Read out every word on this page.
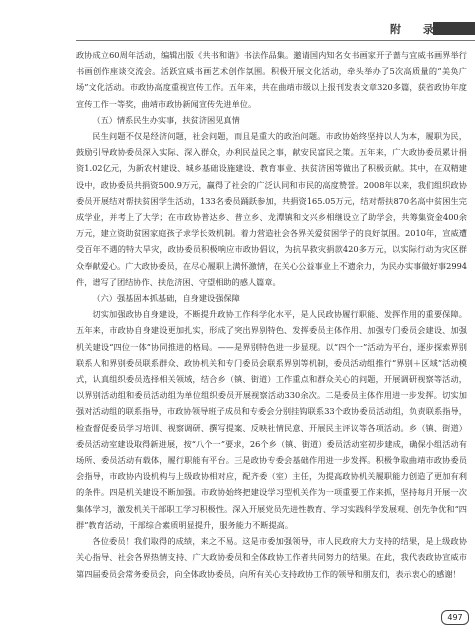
附 录

政协成立60周年活动，编辑出版《共书和谐》书法作品集。邀请国内知名女书画家开子蔷与宜威书画界举行书画创作座谈交流会。活跃宜威书画艺术创作氛围。积极开展文化活动，牵头举办了5次高质量的“美奂广场”文化活动。市政协高度重视宣传工作。五年来，共在曲靖市级以上报刊发表文章320多篇，获省政协年度宣传工作一等奖，曲靖市政协新闻宣传先进单位。

（五）情系民生办实事，扶贫济困见真情

民生问题不仅是经济问题，社会问题，而且是重大的政治问题。市政协始终坚持以人为本，履职为民，鼓励引导政协委员深入实际、深入群众，办利民益民之事，献安民富民之策。五年来，广大政协委员累计捐资1.02亿元，为新农村建设、城乡基础设施建设、教育事业、扶贫济困等做出了积极贡献。其中，在双精建设中，政协委员共捐资500.9万元，赢得了社会的广泛认同和市民的高度赞誉。2008年以来，我们组织政协委员开展结对帮扶贫困学生活动，133名委员踊跃参加，共捐资165.05万元，结对帮扶870名高中贫困生完成学业，并考上了大学；在市政协普达乡、普立乡、龙潭镇和文兴乡相继设立了助学会，共筹集资金400余万元，建立资助贫困家庭孩子求学长效机制。着力营造社会各界关爱贫困学子的良好氛围。2010年，宣威遭受百年不遇的特大旱灾，政协委员积极响应市政协倡议，为抗旱救灾捐款420多万元，以实际行动为灾区群众奉献爱心。广大政协委员，在尽心履职上满怀激情，在关心公益事业上不遗余力，为民办实事做好事2994件，谱写了团结协作、扶危济困、守望相助的感人篇章。

（六）强基固本抓基础，自身建设强保障

切实加强政协自身建设，不断提升政协工作科学化水平，是人民政协履行职能、发挥作用的重要保障。五年来，市政协自身建设更加扎实，形成了突出界别特色、发挥委员主体作用、加强专门委员会建设、加强机关建设“四位一体”协同推进的格局。——是界别特色进一步显现。以“四个一”活动为平台，逐步探索界别联系人和界别委员联系群众、政协机关和专门委员会联系界别等机制，委员活动组推行“界别＋区域”活动模式，认真组织委员选择相关领域，结合乡（镇、街道）工作重点和群众关心的问题，开展调研视察等活动，以界别活动组和委员活动组为单位组织委员开展视察活动330余次。二是委员主体作用进一步发挥。切实加强对活动组的联系指导，市政协领导班子成员和专委会分别挂钩联系33个政协委员活动组，负责联系指导，检查督促委员学习培训、视察调研、撰写提案、反映社情民意、开展民主评议等各项活动。乡（镇、街道）委员活动室建设取得新进展，按“八个一”要求，26个乡（镇、街道）委员活动室初步建成，确保小组活动有场所、委员活动有载体，履行职能有平台。三是政协专委会基础作用进一步发挥。积极争取曲靖市政协委员会指导，市政协内设机构与上级政协相对应，配齐委（室）主任，为提高政协机关履职能力创造了更加有利的条件。四是机关建设不断加强。市政协始终把建设学习型机关作为一项重要工作来抓，坚持每月开展一次集体学习，激发机关干部职工学习积极性。深入开展党员先进性教育、学习实践科学发展观、创先争优和“四群”教育活动，干部综合素质明显提升，服务能力不断提高。

各位委员！我们取得的成绩，来之不易。这是市委加强领导，市人民政府大力支持的结果，是上级政协关心指导、社会各界热情支持、广大政协委员和全体政协工作者共同努力的结果。在此，我代表政协宣威市第四届委员会常务委员会，向全体政协委员，向所有关心支持政协工作的领导和朋友们，表示衷心的感谢！

497
